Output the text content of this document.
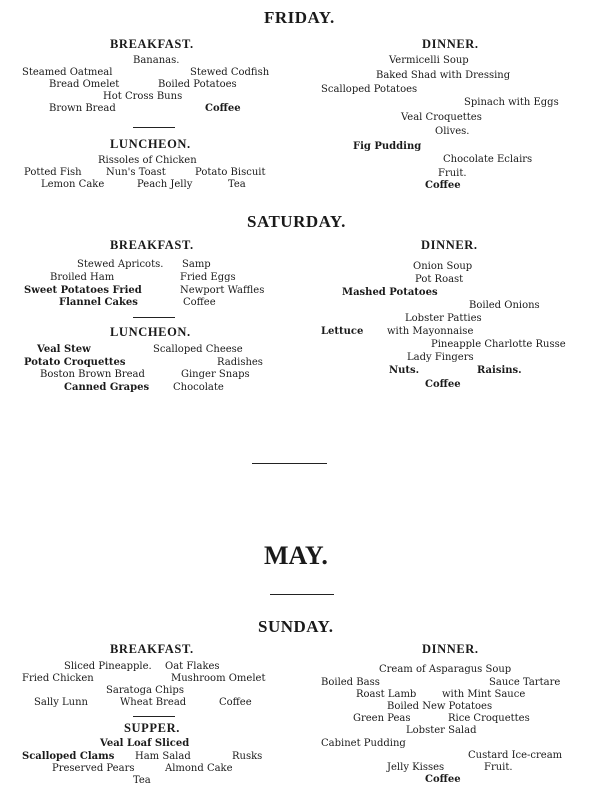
FRIDAY.
BREAKFAST.
Bananas.
Steamed Oatmeal	Stewed Codfish
Bread Omelet	Boiled Potatoes
Hot Cross Buns
Brown Bread	Coffee
LUNCHEON.
Rissoles of Chicken
Potted Fish Nun's Toast	Potato Biscuit
Lemon Cake	Peach Jelly	Tea
DINNER.
Vermicelli Soup
Baked Shad with Dressing
Scalloped Potatoes
Spinach with Eggs
Veal Croquettes
Olives.
Fig Pudding
Chocolate Eclairs
Fruit.
Coffee
SATURDAY.
BREAKFAST.
Stewed Apricots. Samp
Broiled Ham	Fried Eggs
Sweet Potatoes Fried	Newport Waffles
Flannel Cakes	Coffee
LUNCHEON.
Veal Stew	Scalloped Cheese
Potato Croquettes	Radishes
Boston Brown Bread	Ginger Snaps
Canned Grapes Chocolate
DINNER.
Onion Soup
Pot Roast
Mashed Potatoes
Boiled Onions
Lobster Patties
Lettuce with Mayonnaise
Pineapple Charlotte Russe
Lady Fingers
Nuts.	Raisins.
Coffee
MAY.
SUNDAY.
BREAKFAST.
Sliced Pineapple. Oat Flakes
Fried Chicken	Mushroom Omelet
Saratoga Chips
Sally Lunn	Wheat Bread	Coffee
SUPPER.
Veal Loaf Sliced
Scalloped Clams Ham Salad	Rusks
Preserved Pears	Almond Cake
Tea
DINNER.
Cream of Asparagus Soup
Boiled Bass	Sauce Tartare
Roast Lamb	with Mint Sauce
Boiled New Potatoes
Green Peas	Rice Croquettes
Lobster Salad
Cabinet Pudding
Custard Ice-cream
Jelly Kisses	Fruit.
Coffee
